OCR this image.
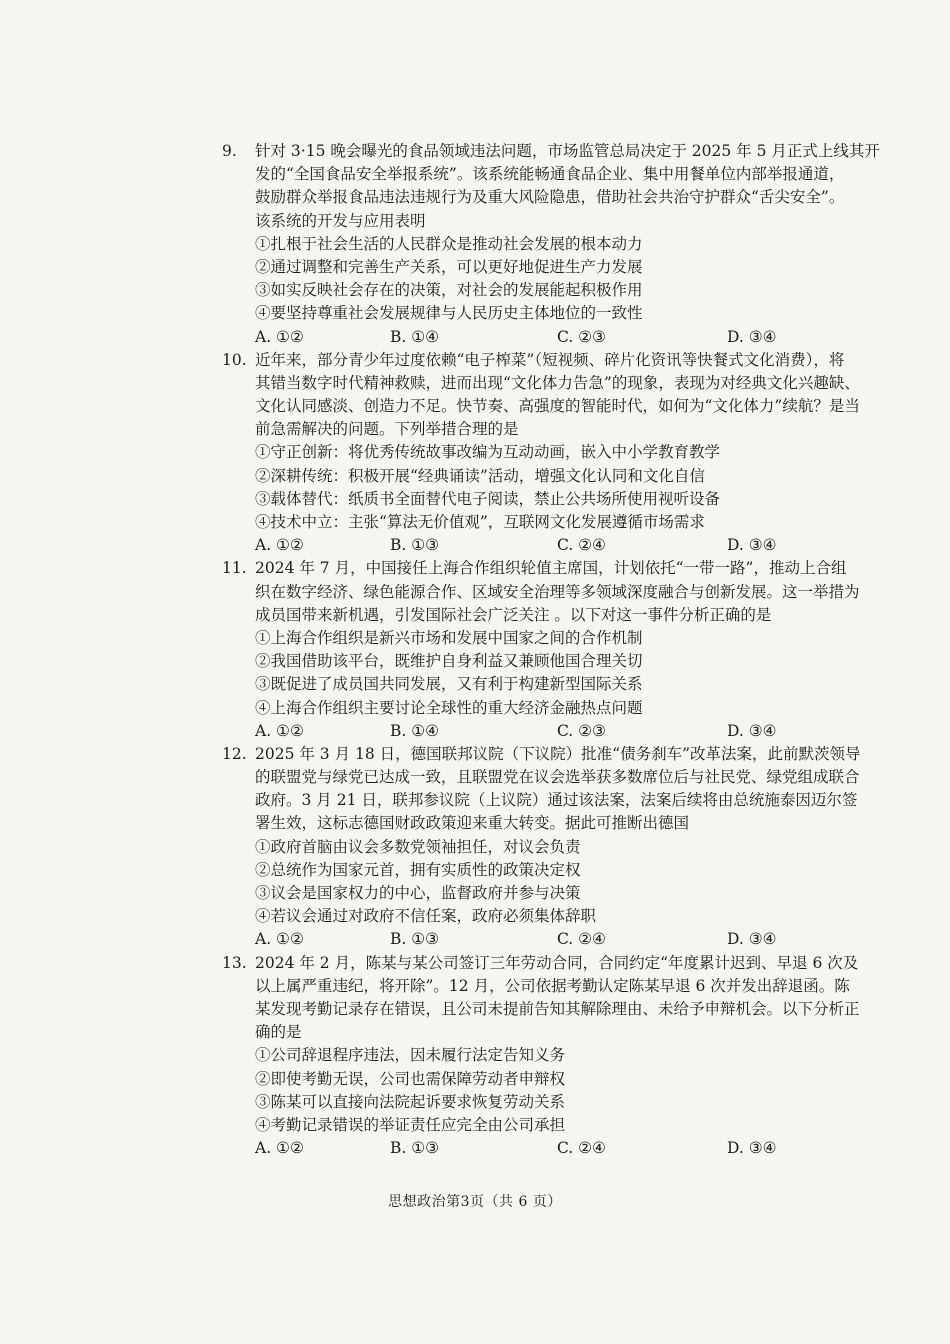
9. 针对 3·15 晚会曝光的食品领域违法问题，市场监管总局决定于 2025 年 5 月正式上线其开
发的“全国食品安全举报系统”。该系统能畅通食品企业、集中用餐单位内部举报通道，
鼓励群众举报食品违法违规行为及重大风险隐患，借助社会共治守护群众“舌尖安全”。
该系统的开发与应用表明
①扎根于社会生活的人民群众是推动社会发展的根本动力
②通过调整和完善生产关系，可以更好地促进生产力发展
③如实反映社会存在的决策，对社会的发展能起积极作用
④要坚持尊重社会发展规律与人民历史主体地位的一致性
A. ①②	B. ①④	C. ②③	D. ③④
10. 近年来，部分青少年过度依赖“电子榨菜”（短视频、碎片化资讯等快餐式文化消费），将
其错当数字时代精神救赎，进而出现“文化体力告急”的现象，表现为对经典文化兴趣缺、
文化认同感淡、创造力不足。快节奏、高强度的智能时代，如何为“文化体力”续航？是当
前急需解决的问题。下列举措合理的是
①守正创新：将优秀传统故事改编为互动动画，嵌入中小学教育教学
②深耕传统：积极开展“经典诵读”活动，增强文化认同和文化自信
③载体替代：纸质书全面替代电子阅读，禁止公共场所使用视听设备
④技术中立：主张“算法无价值观”，互联网文化发展遵循市场需求
A. ①②	B. ①③	C. ②④	D. ③④
11. 2024 年 7 月，中国接任上海合作组织轮值主席国，计划依托“一带一路”，推动上合组
织在数字经济、绿色能源合作、区域安全治理等多领域深度融合与创新发展。这一举措为
成员国带来新机遇，引发国际社会广泛关注 。以下对这一事件分析正确的是
①上海合作组织是新兴市场和发展中国家之间的合作机制
②我国借助该平台，既维护自身利益又兼顾他国合理关切
③既促进了成员国共同发展，又有利于构建新型国际关系
④上海合作组织主要讨论全球性的重大经济金融热点问题
A. ①②	B. ①④	C. ②③	D. ③④
12. 2025 年 3 月 18 日，德国联邦议院（下议院）批准“债务刹车”改革法案，此前默茨领导
的联盟党与绿党已达成一致，且联盟党在议会选举获多数席位后与社民党、绿党组成联合
政府。3 月 21 日，联邦参议院（上议院）通过该法案，法案后续将由总统施泰因迈尔签
署生效，这标志德国财政政策迎来重大转变。据此可推断出德国
①政府首脑由议会多数党领袖担任，对议会负责
②总统作为国家元首，拥有实质性的政策决定权
③议会是国家权力的中心，监督政府并参与决策
④若议会通过对政府不信任案，政府必须集体辞职
A. ①②	B. ①③	C. ②④	D. ③④
13. 2024 年 2 月，陈某与某公司签订三年劳动合同，合同约定“年度累计迟到、早退 6 次及
以上属严重违纪，将开除”。12 月，公司依据考勤认定陈某早退 6 次并发出辞退函。陈
某发现考勤记录存在错误，且公司未提前告知其解除理由、未给予申辩机会。以下分析正
确的是
①公司辞退程序违法，因未履行法定告知义务
②即使考勤无误，公司也需保障劳动者申辩权
③陈某可以直接向法院起诉要求恢复劳动关系
④考勤记录错误的举证责任应完全由公司承担
A. ①②	B. ①③	C. ②④	D. ③④
思想政治第3页（共 6 页）
